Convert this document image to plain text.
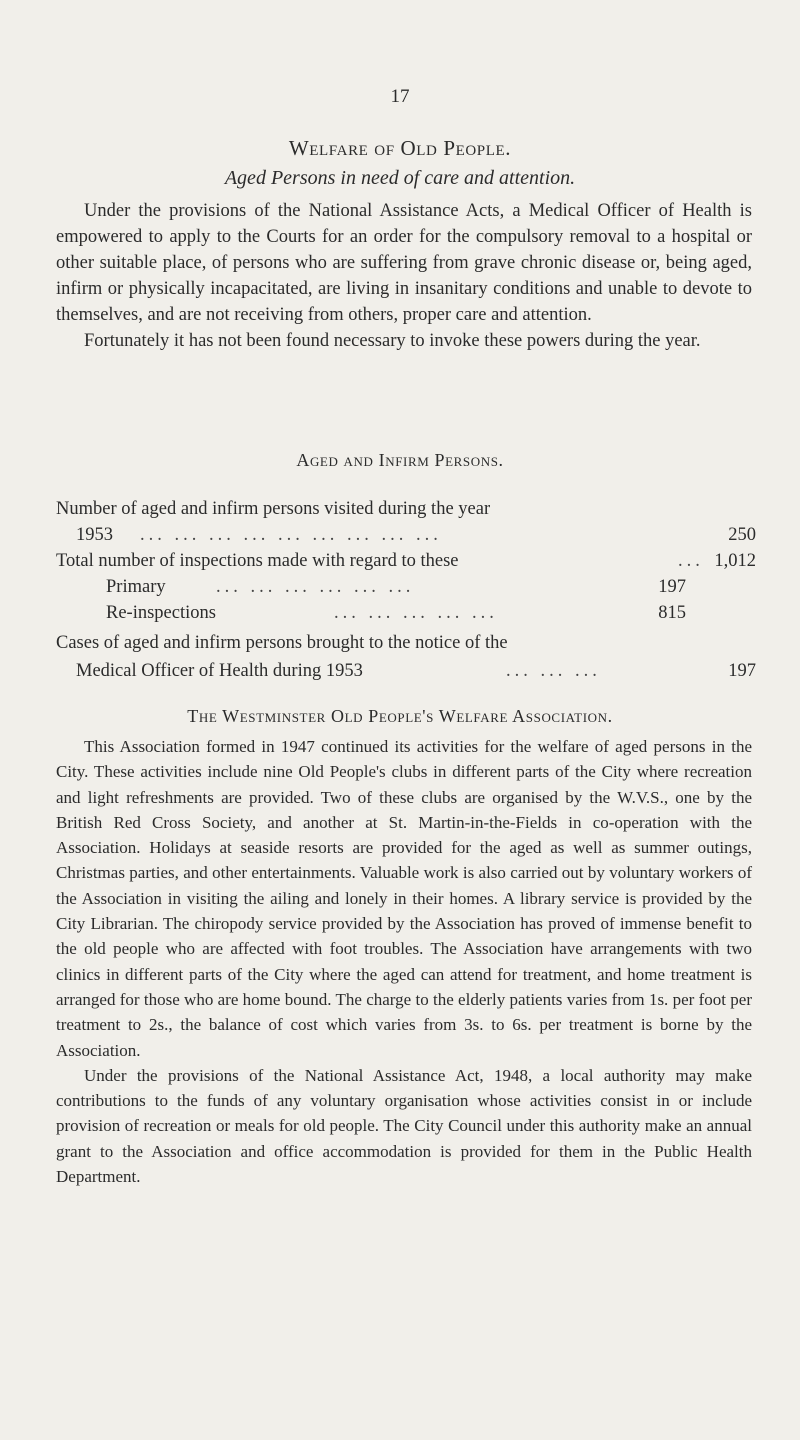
17
Welfare of Old People.
Aged Persons in need of care and attention.

Under the provisions of the National Assistance Acts, a Medical Officer of Health is empowered to apply to the Courts for an order for the compulsory removal to a hospital or other suitable place, of persons who are suffering from grave chronic disease or, being aged, infirm or physically incapacitated, are living in insanitary conditions and unable to devote to themselves, and are not receiving from others, proper care and attention.

Fortunately it has not been found necessary to invoke these powers during the year.

Aged and Infirm Persons.
Number of aged and infirm persons visited during the year
1953 ... ... ... ... ... ... ... ... ...	250
Total number of inspections made with regard to these	... 1,012
Primary	... ... ... ... ... ...	197
Re-inspections	... ... ... ... ...	815
Cases of aged and infirm persons brought to the notice of the
Medical Officer of Health during 1953	... ... ...	197
The Westminster Old People's Welfare Association.

This Association formed in 1947 continued its activities for the welfare of aged persons in the City. These activities include nine Old People's clubs in different parts of the City where recreation and light refreshments are provided. Two of these clubs are organised by the W.V.S., one by the British Red Cross Society, and another at St. Martin-in-the-Fields in co-operation with the Association. Holidays at seaside resorts are provided for the aged as well as summer outings, Christmas parties, and other entertainments. Valuable work is also carried out by voluntary workers of the Association in visiting the ailing and lonely in their homes. A library service is provided by the City Librarian. The chiropody service provided by the Association has proved of immense benefit to the old people who are affected with foot troubles. The Association have arrangements with two clinics in different parts of the City where the aged can attend for treatment, and home treatment is arranged for those who are home bound. The charge to the elderly patients varies from 1s. per foot per treatment to 2s., the balance of cost which varies from 3s. to 6s. per treatment is borne by the Association.

Under the provisions of the National Assistance Act, 1948, a local authority may make contributions to the funds of any voluntary organisation whose activities consist in or include provision of recreation or meals for old people. The City Council under this authority make an annual grant to the Association and office accommodation is provided for them in the Public Health Department.
